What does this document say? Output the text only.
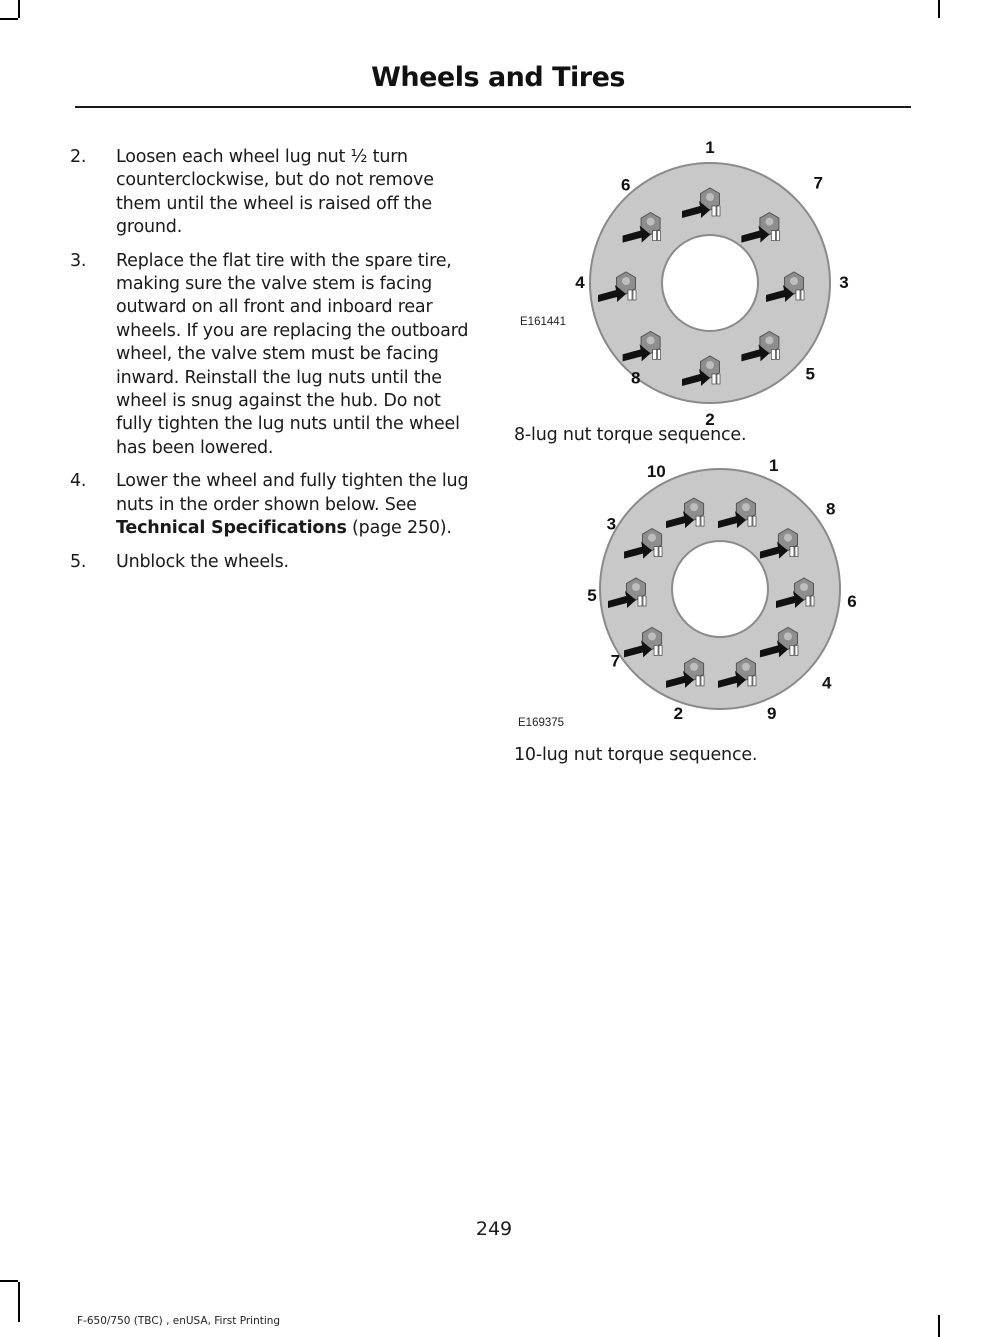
Wheels and Tires
2. Loosen each wheel lug nut ½ turn counterclockwise, but do not remove them until the wheel is raised off the ground.
3. Replace the flat tire with the spare tire, making sure the valve stem is facing outward on all front and inboard rear wheels. If you are replacing the outboard wheel, the valve stem must be facing inward. Reinstall the lug nuts until the wheel is snug against the hub. Do not fully tighten the lug nuts until the wheel has been lowered.
4. Lower the wheel and fully tighten the lug nuts in the order shown below. See Technical Specifications (page 250).
5. Unblock the wheels.
1
7
3
5
2
8
4
6
E161441
8-lug nut torque sequence.
1
8
6
4
9
2
7
5
3
10
E169375
10-lug nut torque sequence.
249
F-650/750 (TBC) , enUSA, First Printing
